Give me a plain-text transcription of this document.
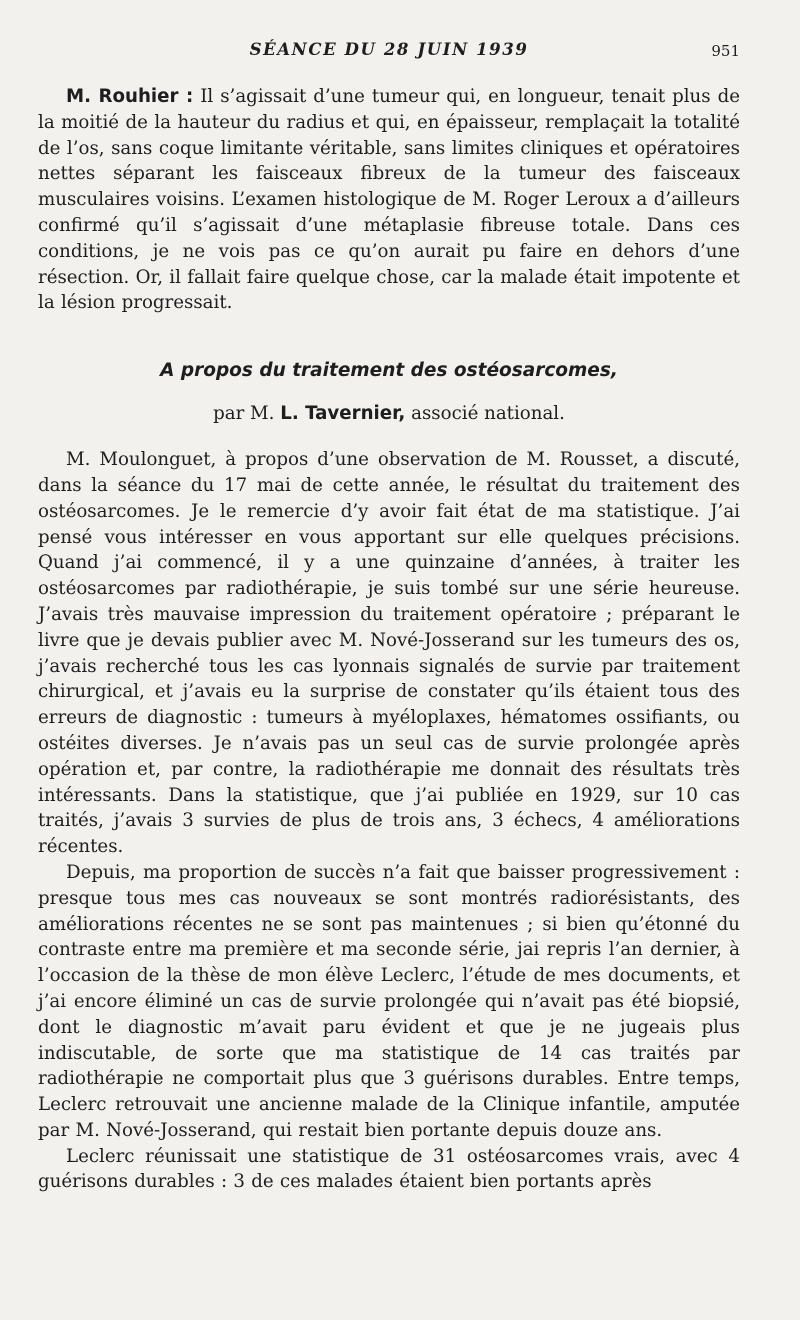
SÉANCE DU 28 JUIN 1939	951

M. Rouhier : Il s’agissait d’une tumeur qui, en longueur, tenait plus de la moitié de la hauteur du radius et qui, en épaisseur, remplaçait la totalité de l’os, sans coque limitante véritable, sans limites cliniques et opératoires nettes séparant les faisceaux fibreux de la tumeur des faisceaux musculaires voisins. L’examen histologique de M. Roger Leroux a d’ailleurs confirmé qu’il s’agissait d’une métaplasie fibreuse totale. Dans ces conditions, je ne vois pas ce qu’on aurait pu faire en dehors d’une résection. Or, il fallait faire quelque chose, car la malade était impotente et la lésion progressait.

A propos du traitement des ostéosarcomes,
par M. L. Tavernier, associé national.

M. Moulonguet, à propos d’une observation de M. Rousset, a discuté, dans la séance du 17 mai de cette année, le résultat du traitement des ostéosarcomes. Je le remercie d’y avoir fait état de ma statistique. J’ai pensé vous intéresser en vous apportant sur elle quelques précisions. Quand j’ai commencé, il y a une quinzaine d’années, à traiter les ostéosarcomes par radiothérapie, je suis tombé sur une série heureuse. J’avais très mauvaise impression du traitement opératoire ; préparant le livre que je devais publier avec M. Nové-Josserand sur les tumeurs des os, j’avais recherché tous les cas lyonnais signalés de survie par traitement chirurgical, et j’avais eu la surprise de constater qu’ils étaient tous des erreurs de diagnostic : tumeurs à myéloplaxes, hématomes ossifiants, ou ostéites diverses. Je n’avais pas un seul cas de survie prolongée après opération et, par contre, la radiothérapie me donnait des résultats très intéressants. Dans la statistique, que j’ai publiée en 1929, sur 10 cas traités, j’avais 3 survies de plus de trois ans, 3 échecs, 4 améliorations récentes.

Depuis, ma proportion de succès n’a fait que baisser progressivement : presque tous mes cas nouveaux se sont montrés radiorésistants, des améliorations récentes ne se sont pas maintenues ; si bien qu’étonné du contraste entre ma première et ma seconde série, jai repris l’an dernier, à l’occasion de la thèse de mon élève Leclerc, l’étude de mes documents, et j’ai encore éliminé un cas de survie prolongée qui n’avait pas été biopsié, dont le diagnostic m’avait paru évident et que je ne jugeais plus indiscutable, de sorte que ma statistique de 14 cas traités par radiothérapie ne comportait plus que 3 guérisons durables. Entre temps, Leclerc retrouvait une ancienne malade de la Clinique infantile, amputée par M. Nové-Josserand, qui restait bien portante depuis douze ans.

Leclerc réunissait une statistique de 31 ostéosarcomes vrais, avec 4 guérisons durables : 3 de ces malades étaient bien portants après
